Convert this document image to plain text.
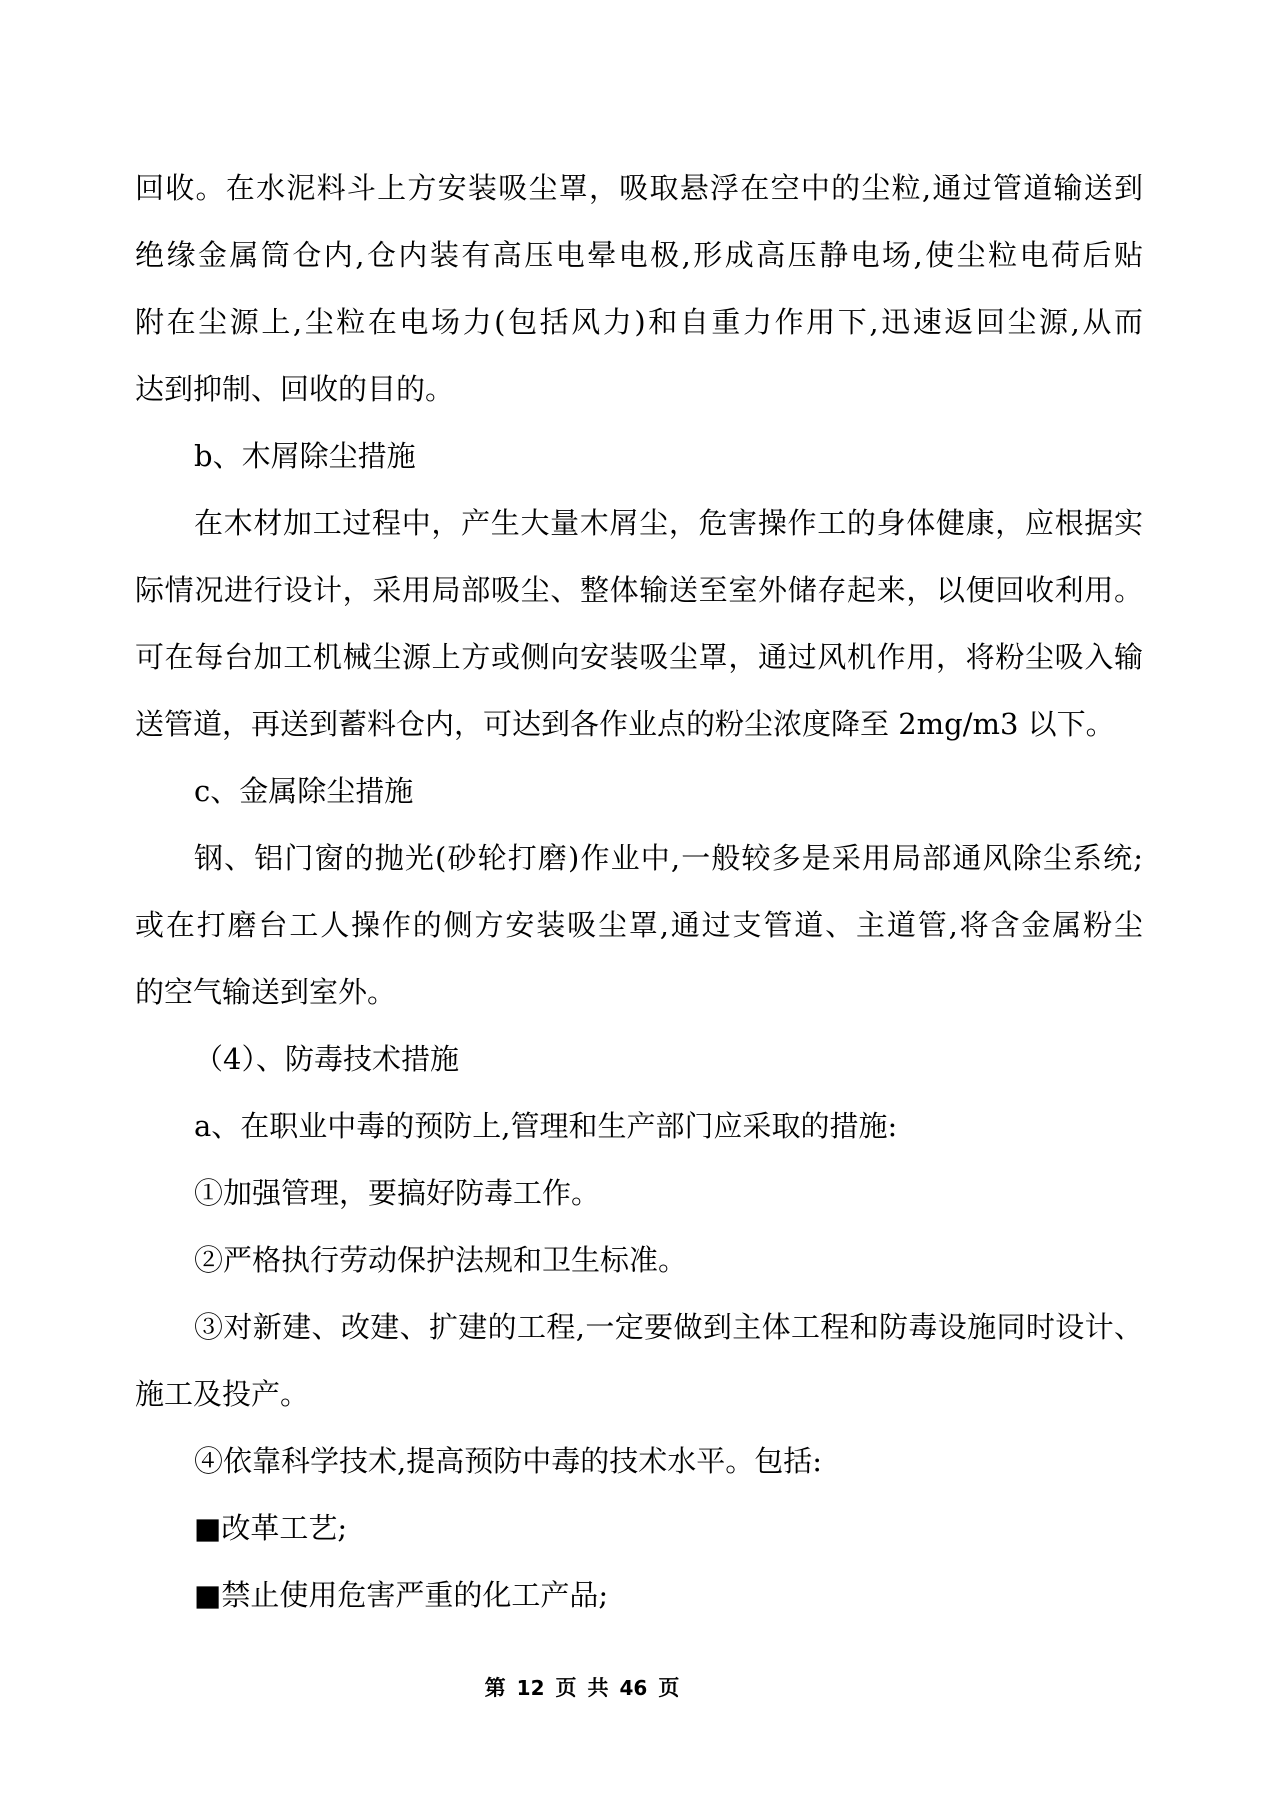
回收。在水泥料斗上方安装吸尘罩，吸取悬浮在空中的尘粒,通过管道输送到
绝缘金属筒仓内,仓内装有高压电晕电极,形成高压静电场,使尘粒电荷后贴
附在尘源上,尘粒在电场力(包括风力)和自重力作用下,迅速返回尘源,从而
达到抑制、回收的目的。
b、木屑除尘措施
在木材加工过程中，产生大量木屑尘，危害操作工的身体健康，应根据实
际情况进行设计，采用局部吸尘、整体输送至室外储存起来，以便回收利用。
可在每台加工机械尘源上方或侧向安装吸尘罩，通过风机作用，将粉尘吸入输
送管道，再送到蓄料仓内，可达到各作业点的粉尘浓度降至 2mg/m3 以下。
c、金属除尘措施
钢、铝门窗的抛光(砂轮打磨)作业中,一般较多是采用局部通风除尘系统;
或在打磨台工人操作的侧方安装吸尘罩,通过支管道、主道管,将含金属粉尘
的空气输送到室外。
（4）、防毒技术措施
a、在职业中毒的预防上,管理和生产部门应采取的措施:
①加强管理，要搞好防毒工作。
②严格执行劳动保护法规和卫生标准。
③对新建、改建、扩建的工程,一定要做到主体工程和防毒设施同时设计、
施工及投产。
④依靠科学技术,提高预防中毒的技术水平。包括:
■改革工艺;
■禁止使用危害严重的化工产品;
第 12 页 共 46 页
